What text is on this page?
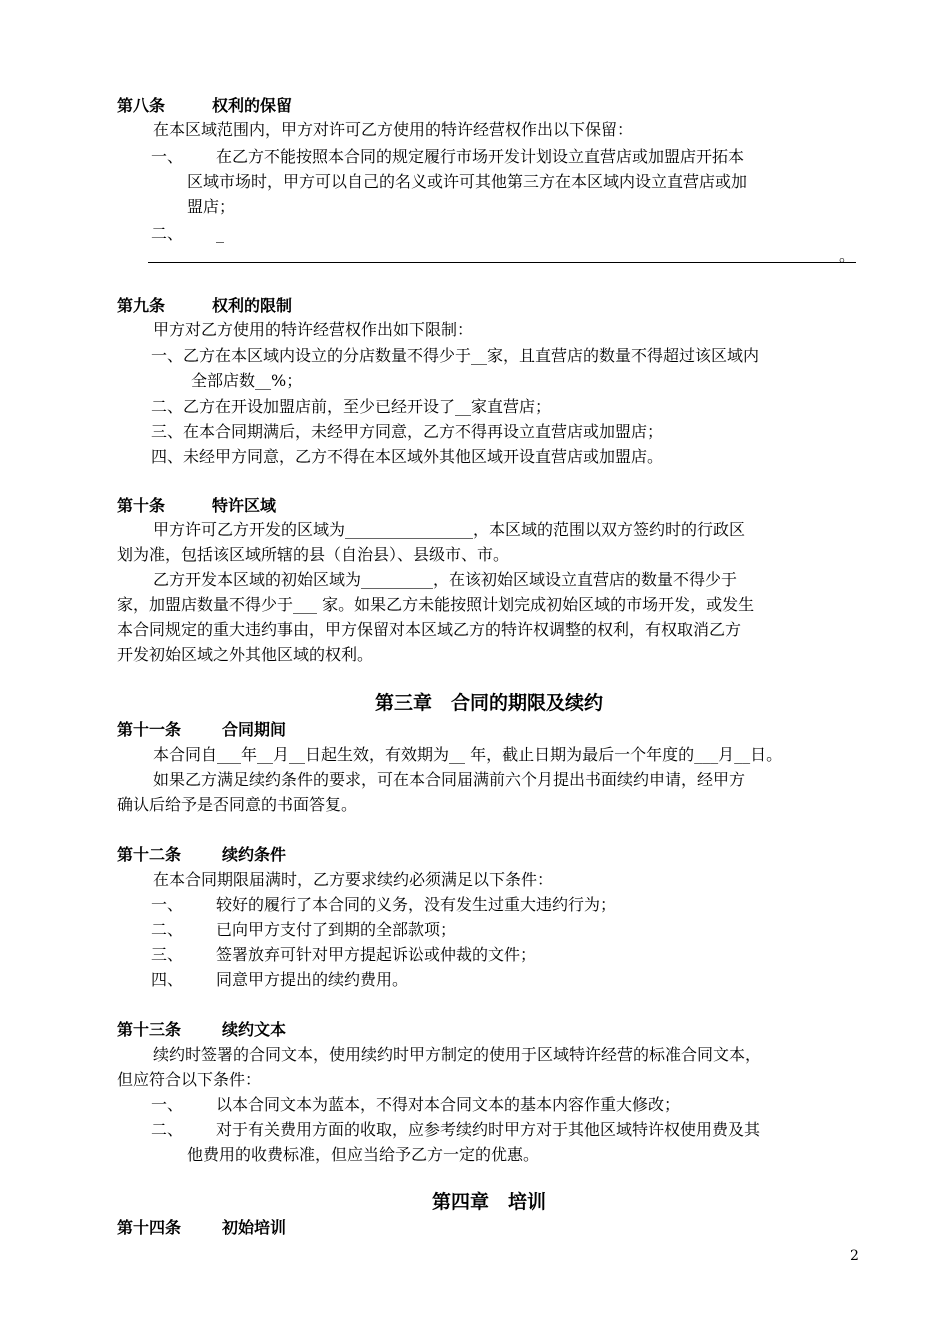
第八条	权利的保留
在本区域范围内，甲方对许可乙方使用的特许经营权作出以下保留：
一、 在乙方不能按照本合同的规定履行市场开发计划设立直营店或加盟店开拓本
区域市场时，甲方可以自己的名义或许可其他第三方在本区域内设立直营店或加
盟店；
二、 _
。
第九条	权利的限制
甲方对乙方使用的特许经营权作出如下限制：
一、乙方在本区域内设立的分店数量不得少于__家，且直营店的数量不得超过该区域内
全部店数__%；
二、乙方在开设加盟店前，至少已经开设了__家直营店；
三、在本合同期满后，未经甲方同意，乙方不得再设立直营店或加盟店；
四、未经甲方同意，乙方不得在本区域外其他区域开设直营店或加盟店。
第十条	特许区域
甲方许可乙方开发的区域为________________，本区域的范围以双方签约时的行政区
划为准，包括该区域所辖的县（自治县）、县级市、市。
乙方开发本区域的初始区域为_________，在该初始区域设立直营店的数量不得少于
家，加盟店数量不得少于___ 家。如果乙方未能按照计划完成初始区域的市场开发，或发生
本合同规定的重大违约事由，甲方保留对本区域乙方的特许权调整的权利，有权取消乙方
开发初始区域之外其他区域的权利。
第三章　合同的期限及续约
第十一条	合同期间
本合同自___年__月__日起生效，有效期为__ 年，截止日期为最后一个年度的___月__日。
如果乙方满足续约条件的要求，可在本合同届满前六个月提出书面续约申请，经甲方
确认后给予是否同意的书面答复。
第十二条	续约条件
在本合同期限届满时，乙方要求续约必须满足以下条件：
一、 较好的履行了本合同的义务，没有发生过重大违约行为；
二、 已向甲方支付了到期的全部款项；
三、 签署放弃可针对甲方提起诉讼或仲裁的文件；
四、 同意甲方提出的续约费用。
第十三条	续约文本
续约时签署的合同文本，使用续约时甲方制定的使用于区域特许经营的标准合同文本，
但应符合以下条件：
一、 以本合同文本为蓝本，不得对本合同文本的基本内容作重大修改；
二、 对于有关费用方面的收取，应参考续约时甲方对于其他区域特许权使用费及其
他费用的收费标准，但应当给予乙方一定的优惠。
第四章　培训
第十四条	初始培训
2
